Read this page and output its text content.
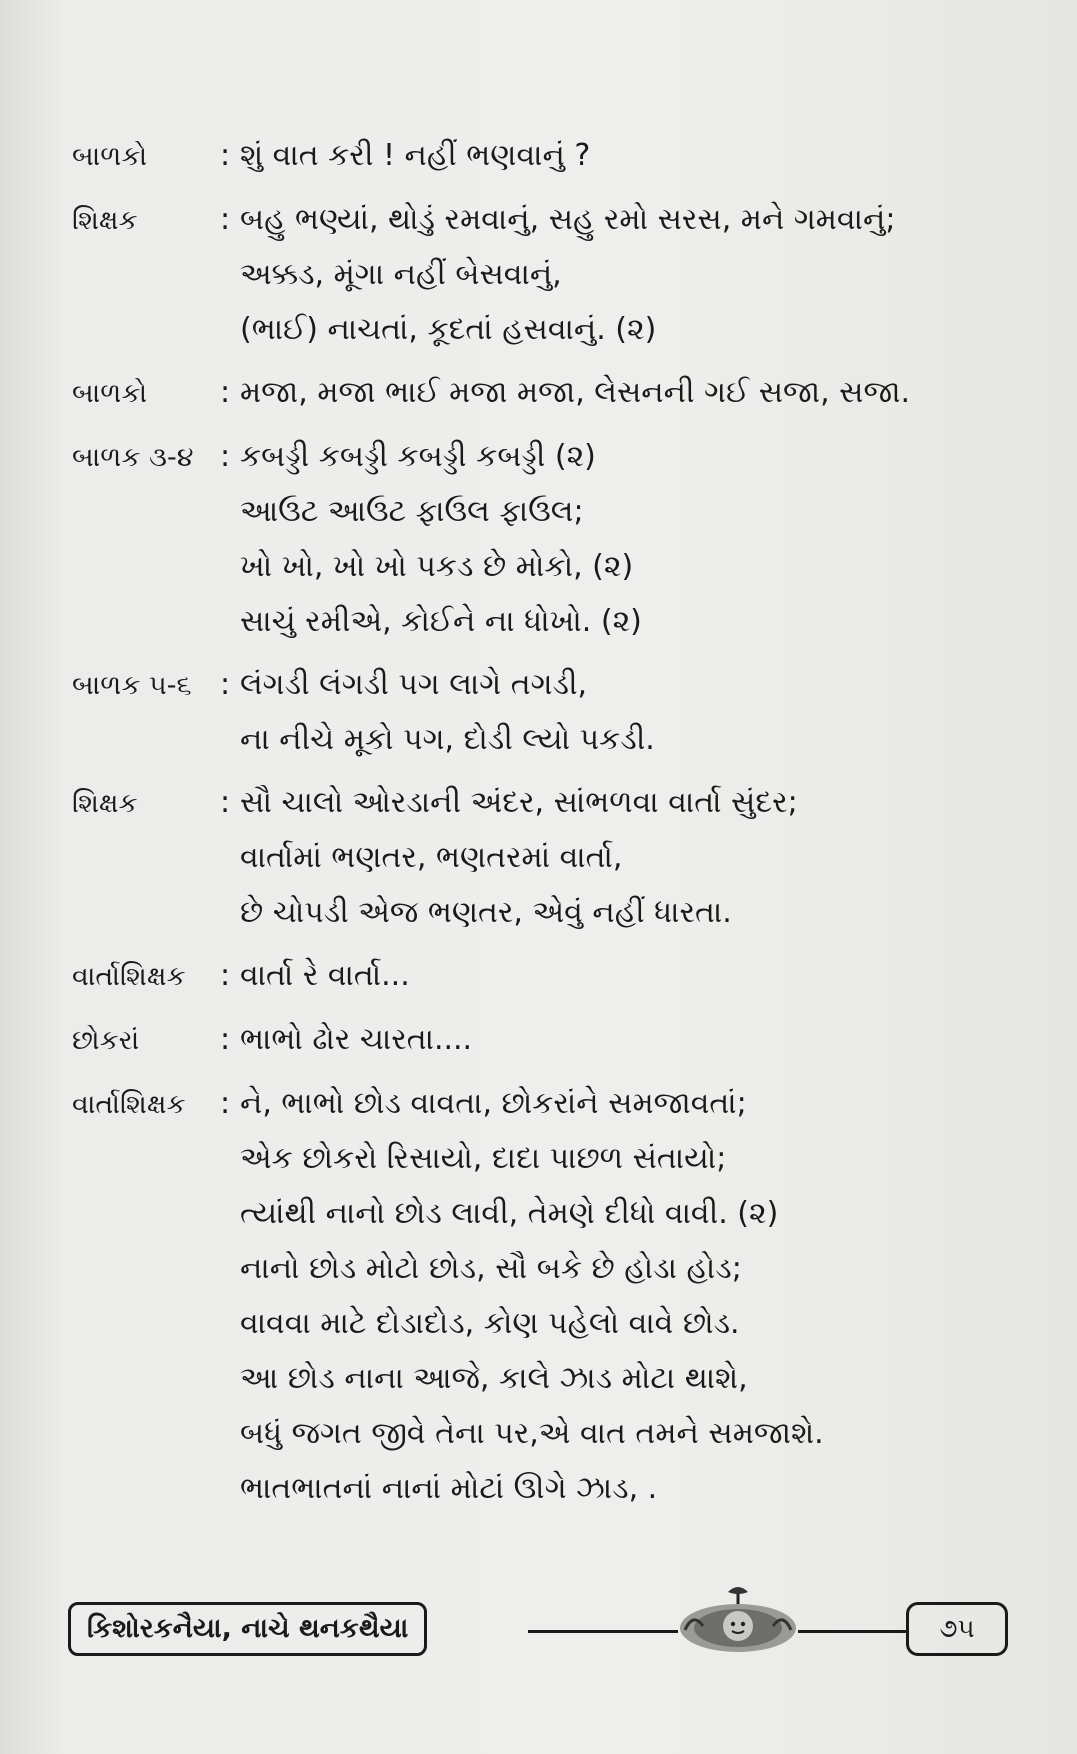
બાળકો	: શું વાત કરી ! નહીં ભણવાનું ?
શિક્ષક	: બહુ ભણ્યાં, થોડું રમવાનું, સહુ રમો સરસ, મને ગમવાનું;
અક્કડ, મૂંગા નહીં બેસવાનું,
(ભાઈ) નાચતાં, કૂદતાં હસવાનું. (૨)
બાળકો	: મજા, મજા ભાઈ મજા મજા, લેસનની ગઈ સજા, સજા.
બાળક ૩-૪ : કબડ્ડી કબડ્ડી કબડ્ડી કબડ્ડી (૨)
આઉટ આઉટ ફાઉલ ફાઉલ;
ખો ખો, ખો ખો પકડ છે મોકો, (૨)
સાચું રમીએ, કોઈને ના ધોખો. (૨)
બાળક ૫-૬ : લંગડી લંગડી પગ લાગે તગડી,
ના નીચે મૂકો પગ, દોડી લ્યો પકડી.
શિક્ષક	: સૌ ચાલો ઓરડાની અંદર, સાંભળવા વાર્તા સુંદર;
વાર્તામાં ભણતર, ભણતરમાં વાર્તા,
છે ચોપડી એજ ભણતર, એવું નહીં ધારતા.
વાર્તાશિક્ષક	: વાર્તા રે વાર્તા...
છોકરાં	: ભાભો ઢોર ચારતા....
વાર્તાશિક્ષક	: ને, ભાભો છોડ વાવતા, છોકરાંને સમજાવતાં;
એક છોકરો રિસાયો, દાદા પાછળ સંતાયો;
ત્યાંથી નાનો છોડ લાવી, તેમણે દીધો વાવી. (૨)
નાનો છોડ મોટો છોડ, સૌ બકે છે હોડા હોડ;
વાવવા માટે દોડાદોડ, કોણ પહેલો વાવે છોડ.
આ છોડ નાના આજે, કાલે ઝાડ મોટા થાશે,
બધું જગત જીવે તેના પર,એ વાત તમને સમજાશે.
ભાતભાતનાં નાનાં મોટાં ઊગે ઝાડ, .
કિશોરકનૈયા, નાચે થનકથૈયા	૭૫
